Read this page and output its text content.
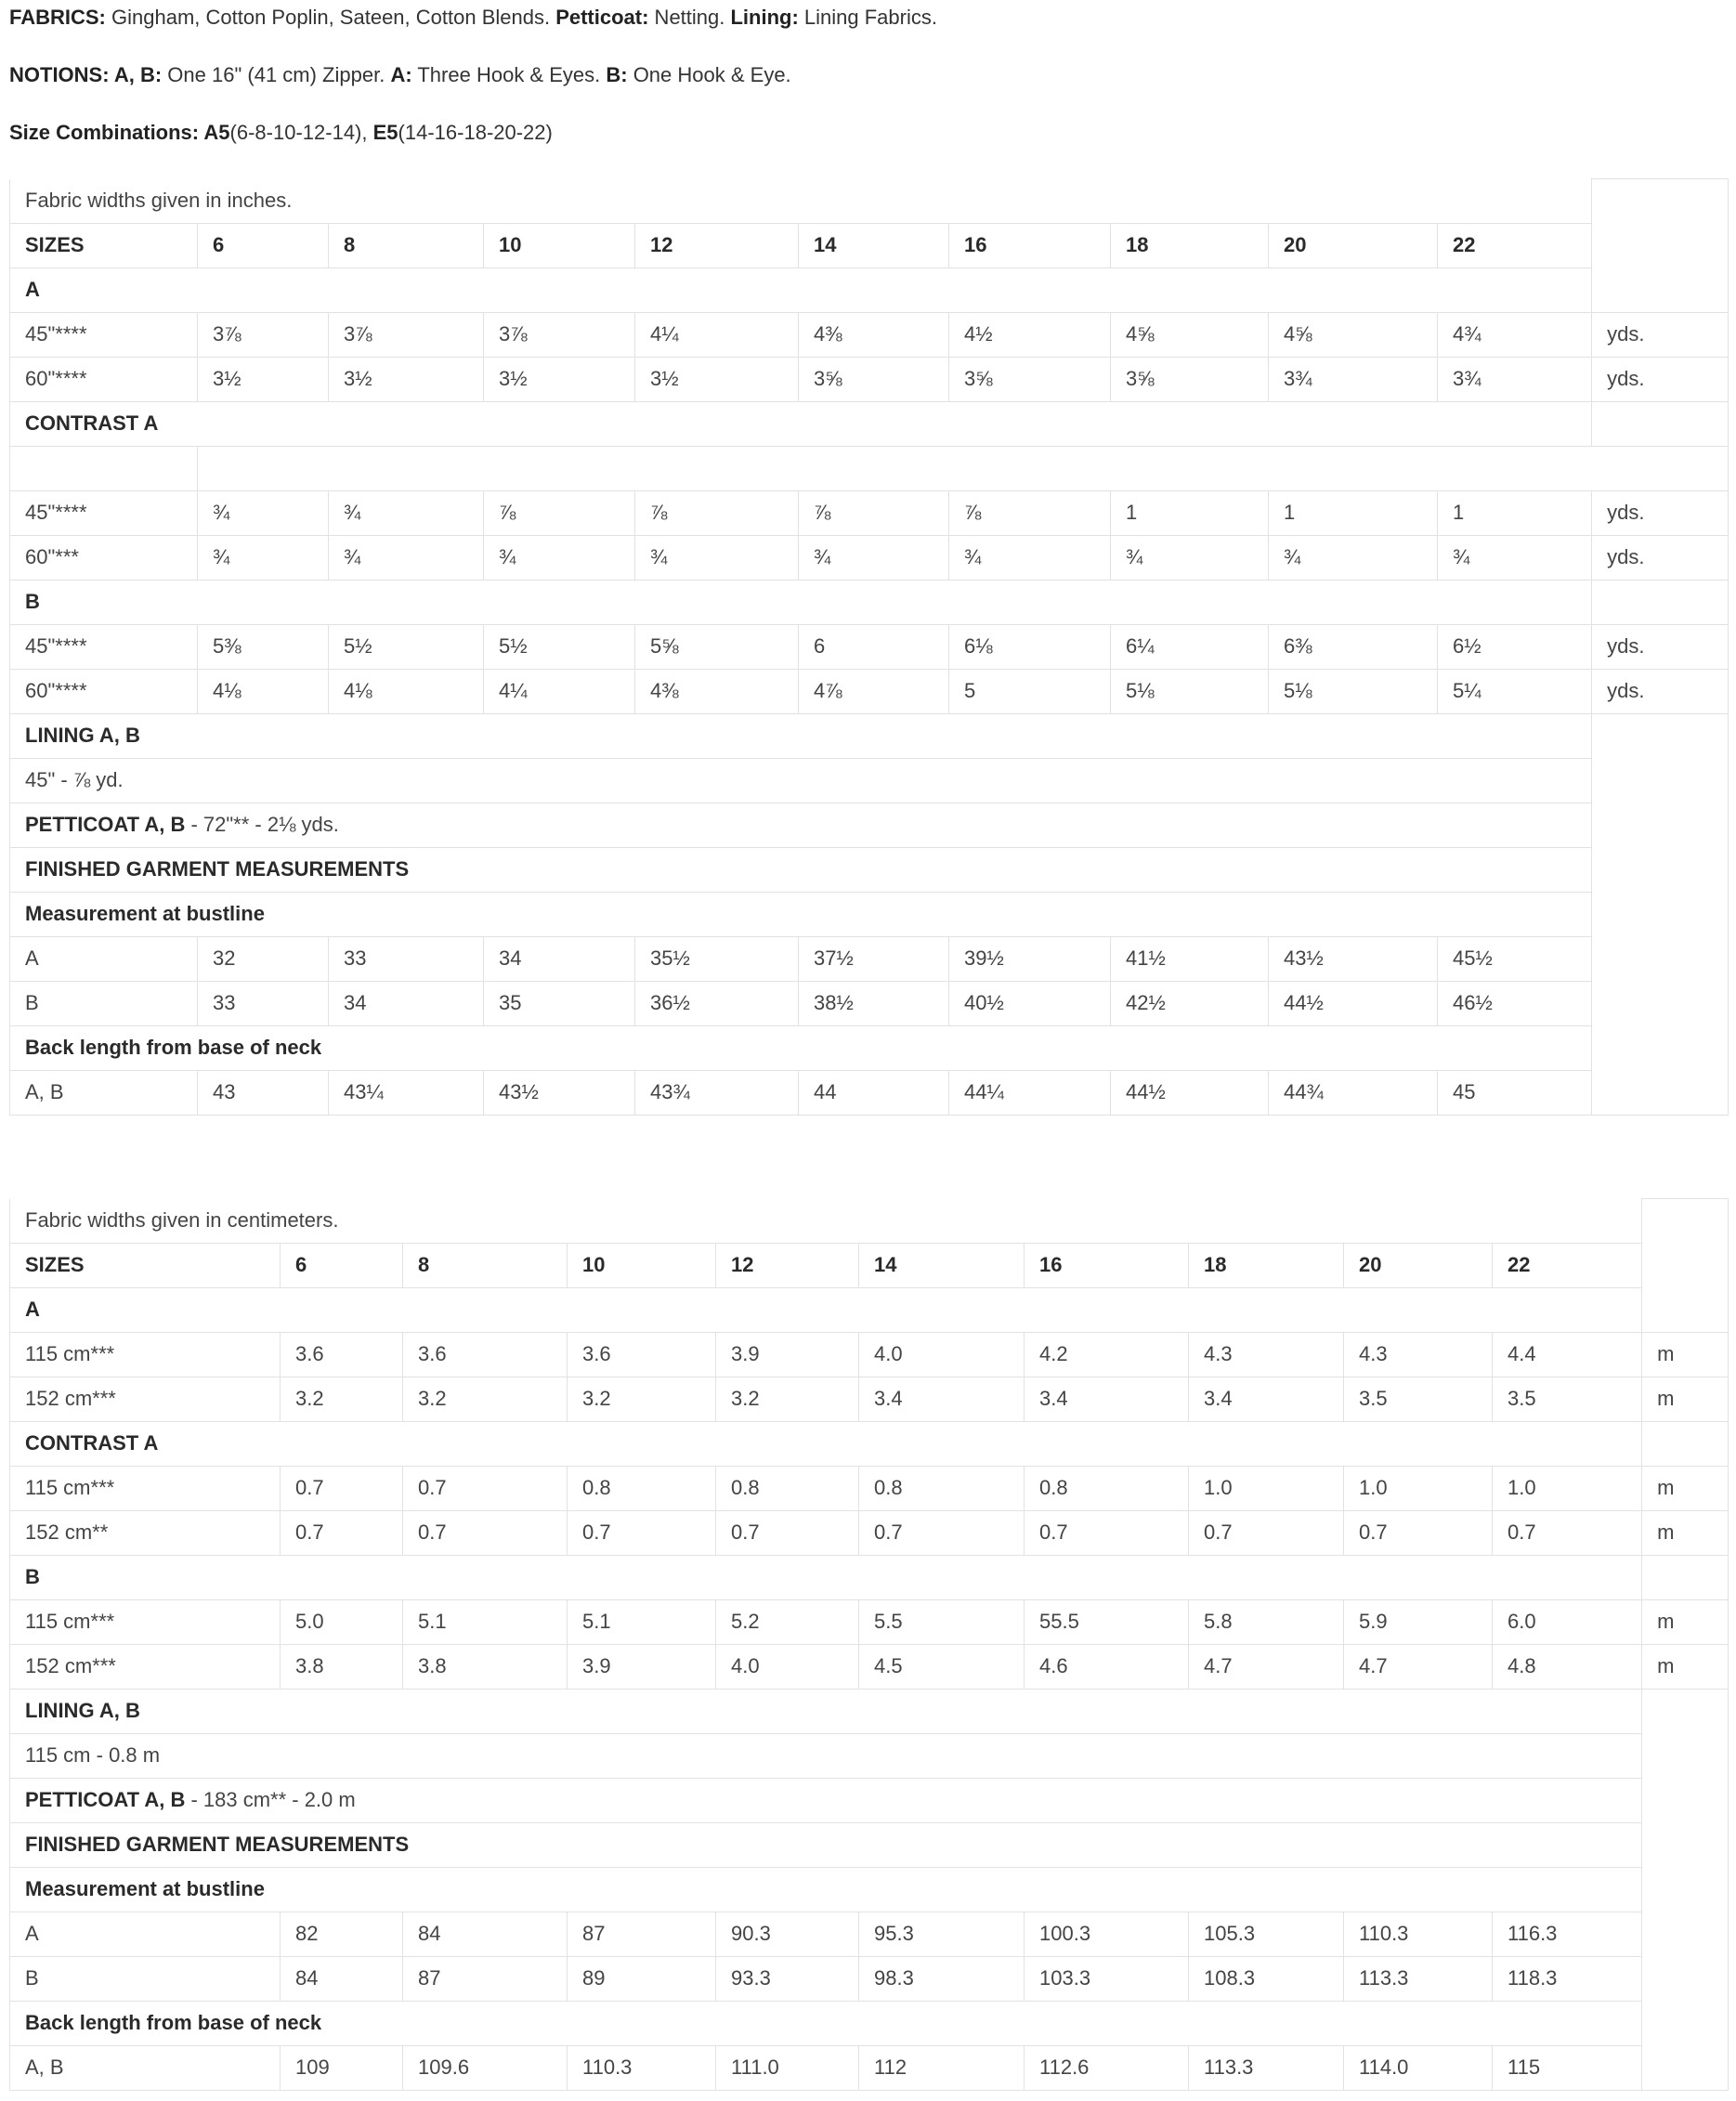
FABRICS: Gingham, Cotton Poplin, Sateen, Cotton Blends. Petticoat: Netting. Lining: Lining Fabrics.
NOTIONS: A, B: One 16" (41 cm) Zipper. A: Three Hook & Eyes. B: One Hook & Eye.
Size Combinations: A5(6-8-10-12-14), E5(14-16-18-20-22)
Fabric widths given in inches.										
SIZES	6	8	10	12	14	16	18	20	22	
A										
45"****	3⅞	3⅞	3⅞	4¼	4⅜	4½	4⅝	4⅝	4¾	yds.
60"****	3½	3½	3½	3½	3⅝	3⅝	3⅝	3¾	3¾	yds.
CONTRAST A										

45"****	¾	¾	⅞	⅞	⅞	⅞	1	1	1	yds.
60"***	¾	¾	¾	¾	¾	¾	¾	¾	¾	yds.
B										
45"****	5⅜	5½	5½	5⅝	6	6⅛	6¼	6⅜	6½	yds.
60"****	4⅛	4⅛	4¼	4⅜	4⅞	5	5⅛	5⅛	5¼	yds.
LINING A, B										
45" - ⅞ yd.										
PETTICOAT A, B - 72"** - 2⅛ yds.										
FINISHED GARMENT MEASUREMENTS										
Measurement at bustline										
A	32	33	34	35½	37½	39½	41½	43½	45½	
B	33	34	35	36½	38½	40½	42½	44½	46½	
Back length from base of neck										
A, B	43	43¼	43½	43¾	44	44¼	44½	44¾	45	
Fabric widths given in centimeters.										
SIZES	6	8	10	12	14	16	18	20	22	
A										
115 cm***	3.6	3.6	3.6	3.9	4.0	4.2	4.3	4.3	4.4	m
152 cm***	3.2	3.2	3.2	3.2	3.4	3.4	3.4	3.5	3.5	m
CONTRAST A										
115 cm***	0.7	0.7	0.8	0.8	0.8	0.8	1.0	1.0	1.0	m
152 cm**	0.7	0.7	0.7	0.7	0.7	0.7	0.7	0.7	0.7	m
B										
115 cm***	5.0	5.1	5.1	5.2	5.5	55.5	5.8	5.9	6.0	m
152 cm***	3.8	3.8	3.9	4.0	4.5	4.6	4.7	4.7	4.8	m
LINING A, B										
115 cm - 0.8 m										
PETTICOAT A, B - 183 cm** - 2.0 m										
FINISHED GARMENT MEASUREMENTS										
Measurement at bustline										
A	82	84	87	90.3	95.3	100.3	105.3	110.3	116.3	
B	84	87	89	93.3	98.3	103.3	108.3	113.3	118.3	
Back length from base of neck										
A, B	109	109.6	110.3	111.0	112	112.6	113.3	114.0	115	
